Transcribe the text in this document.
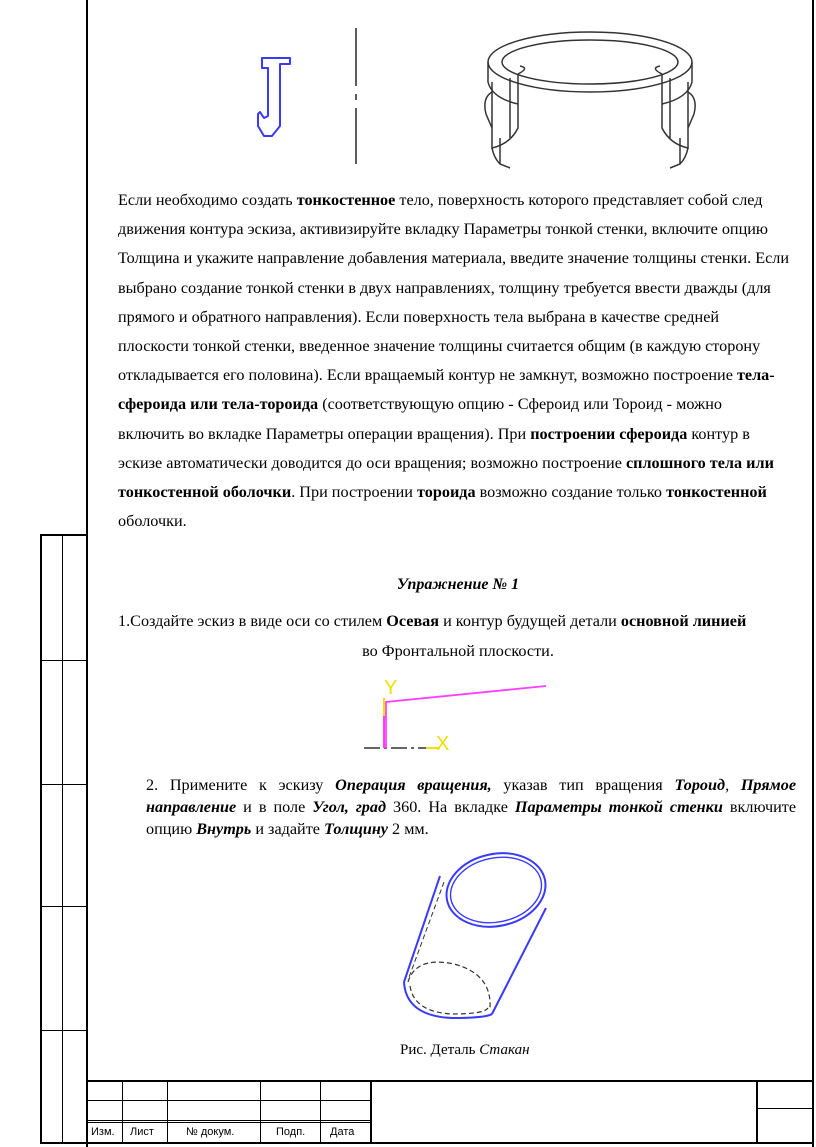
Изм. Лист	№ докум.	Подп. Дата
Если необходимо создать тонкостенное тело, поверхность которого представляет собой след движения контура эскиза, активизируйте вкладку Параметры тонкой стенки, включите опцию Толщина и укажите направление добавления материала, введите значение толщины стенки. Если выбрано создание тонкой стенки в двух направлениях, толщину требуется ввести дважды (для прямого и обратного направления). Если поверхность тела выбрана в качестве средней плоскости тонкой стенки, введенное значение толщины считается общим (в каждую сторону откладывается его половина). Если вращаемый контур не замкнут, возможно построение тела-сфероида или тела-тороида (соответствующую опцию - Сфероид или Тороид - можно включить во вкладке Параметры операции вращения). При построении сфероида контур в эскизе автоматически доводится до оси вращения; возможно построение сплошного тела или тонкостенной оболочки. При построении тороида возможно создание только тонкостенной оболочки.
Упражнение № 1
1.Создайте эскиз в виде оси со стилем Осевая и контур будущей детали основной линией
во Фронтальной плоскости.
Y
X
2. Примените к эскизу Операция вращения, указав тип вращения Тороид, Прямое направление и в поле Угол, град 360. На вкладке Параметры тонкой стенки включите опцию Внутрь и задайте Толщину 2 мм.
Рис. Деталь Стакан
